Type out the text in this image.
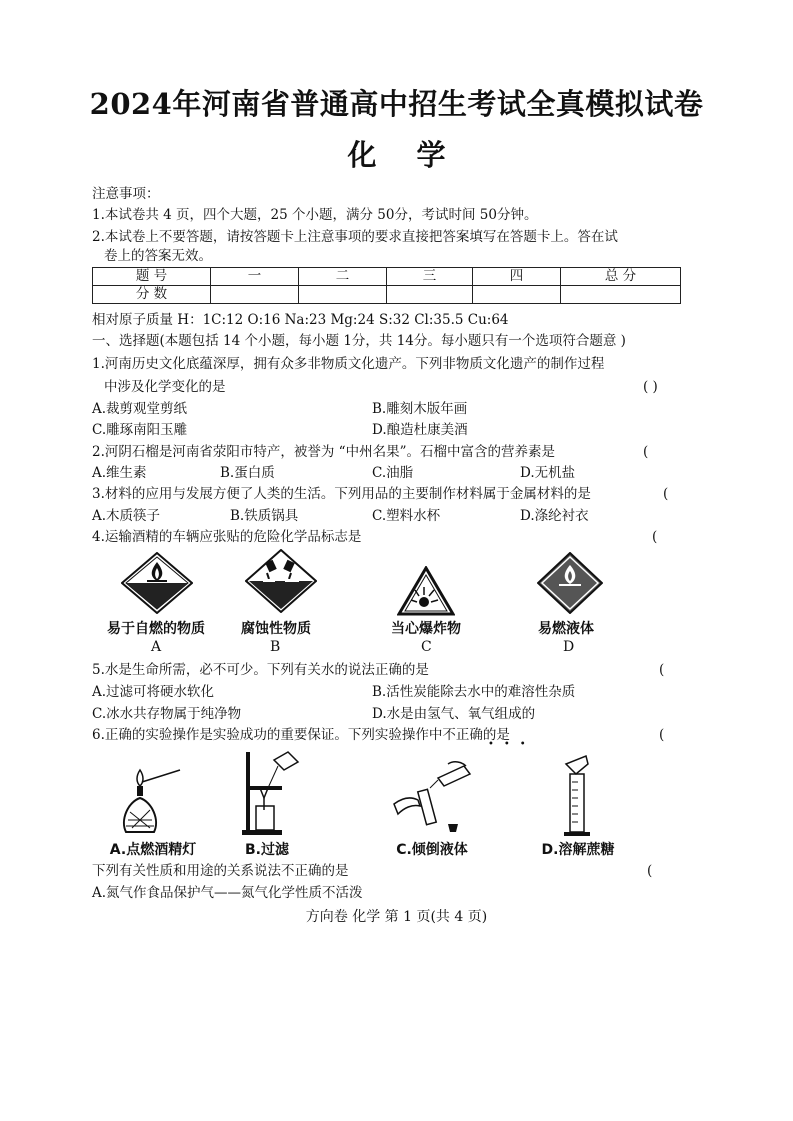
2024年河南省普通高中招生考试全真模拟试卷
化学
注意事项：
1.本试卷共 4 页，四个大题，25 个小题，满分 50分，考试时间 50分钟。
2.本试卷上不要答题，请按答题卡上注意事项的要求直接把答案填写在答题卡上。答在试
卷上的答案无效。
题 号	一	二	三	四	总 分
分 数					
相对原子质量 H：1C:12 O:16 Na:23 Mg:24 S:32 Cl:35.5 Cu:64
一、选择题(本题包括 14 个小题，每小题 1分，共 14分。每小题只有一个选项符合题意 )
1.河南历史文化底蕴深厚，拥有众多非物质文化遗产。下列非物质文化遗产的制作过程
中涉及化学变化的是	( )
A.裁剪观堂剪纸	B.雕刻木版年画
C.雕琢南阳玉雕	D.酿造杜康美酒
2.河阴石榴是河南省荥阳市特产，被誉为 “中州名果”。石榴中富含的营养素是	(
A.维生素	B.蛋白质	C.油脂	D.无机盐
3.材料的应用与发展方便了人类的生活。下列用品的主要制作材料属于金属材料的是	(
A.木质筷子	B.铁质锅具	C.塑料水杯	D.涤纶衬衣
4.运输酒精的车辆应张贴的危险化学品标志是	(
易于自燃的物质	腐蚀性物质	当心爆炸物	易燃液体
A	B	C	D
5.水是生命所需，必不可少。下列有关水的说法正确的是	(
A.过滤可将硬水软化	B.活性炭能除去水中的难溶性杂质
C.冰水共存物属于纯净物	D.水是由氢气、氧气组成的
6.正确的实验操作是实验成功的重要保证。下列实验操作中不正确的是
•••
(
A.点燃酒精灯	B.过滤	C.倾倒液体	D.溶解蔗糖
下列有关性质和用途的关系说法不正确的是	(
A.氮气作食品保护气——氮气化学性质不活泼
方向卷 化学 第 1 页(共 4 页)
